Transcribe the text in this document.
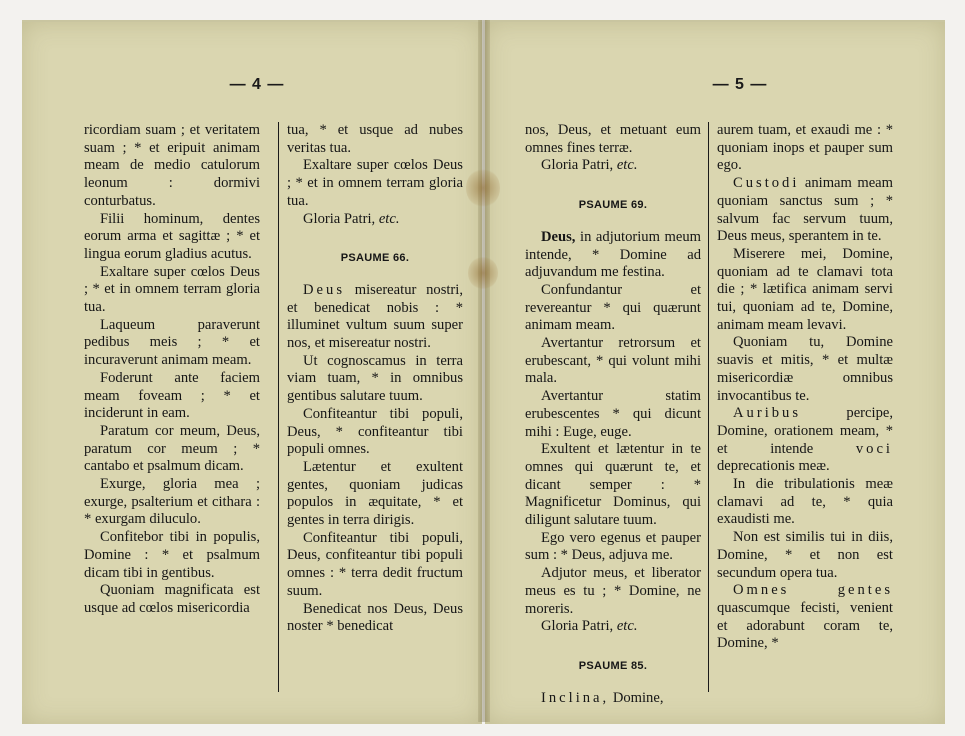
— 4 —

ricordiam suam ; et veritatem suam ; * et eripuit animam meam de medio catulorum leonum : dormivi conturbatus.

Filii hominum, dentes eorum arma et sagittæ ; * et lingua eorum gladius acutus.

Exaltare super cœlos Deus ; * et in omnem terram gloria tua.

Laqueum paraverunt pedibus meis ; * et incuraverunt animam meam.

Foderunt ante faciem meam foveam ; * et inciderunt in eam.

Paratum cor meum, Deus, paratum cor meum ; * cantabo et psalmum dicam.

Exurge, gloria mea ; exurge, psalterium et cithara : * exurgam diluculo.

Confitebor tibi in populis, Domine : * et psalmum dicam tibi in gentibus.

Quoniam magnificata est usque ad cœlos misericordia

tua, * et usque ad nubes veritas tua.

Exaltare super cœlos Deus ; * et in omnem terram gloria tua.

Gloria Patri, etc.

PSAUME 66.

Deus misereatur nostri, et benedicat nobis : * illuminet vultum suum super nos, et misereatur nostri.

Ut cognoscamus in terra viam tuam, * in omnibus gentibus salutare tuum.

Confiteantur tibi populi, Deus, * confiteantur tibi populi omnes.

Lætentur et exultent gentes, quoniam judicas populos in æquitate, * et gentes in terra dirigis.

Confiteantur tibi populi, Deus, confiteantur tibi populi omnes : * terra dedit fructum suum.

Benedicat nos Deus, Deus noster * benedicat

— 5 —

nos, Deus, et metuant eum omnes fines terræ.

Gloria Patri, etc.

PSAUME 69.

Deus, in adjutorium meum intende, * Domine ad adjuvandum me festina.

Confundantur et revereantur * qui quærunt animam meam.

Avertantur retrorsum et erubescant, * qui volunt mihi mala.

Avertantur statim erubescentes * qui dicunt mihi : Euge, euge.

Exultent et lætentur in te omnes qui quærunt te, et dicant semper : * Magnificetur Dominus, qui diligunt salutare tuum.

Ego vero egenus et pauper sum : * Deus, adjuva me.

Adjutor meus, et liberator meus es tu ; * Domine, ne moreris.

Gloria Patri, etc.

PSAUME 85.

Inclina, Domine,

aurem tuam, et exaudi me : * quoniam inops et pauper sum ego.

Custodi animam meam quoniam sanctus sum ; * salvum fac servum tuum, Deus meus, sperantem in te.

Miserere mei, Domine, quoniam ad te clamavi tota die ; * lætifica animam servi tui, quoniam ad te, Domine, animam meam levavi.

Quoniam tu, Domine suavis et mitis, * et multæ misericordiæ omnibus invocantibus te.

Auribus percipe, Domine, orationem meam, * et intende	voci deprecationis meæ.

In die tribulationis meæ clamavi ad te, * quia exaudisti me.

Non est similis tui in diis, Domine, * et non est secundum opera tua.

Omnes gentes quascumque fecisti, venient et adorabunt coram te, Domine, *
